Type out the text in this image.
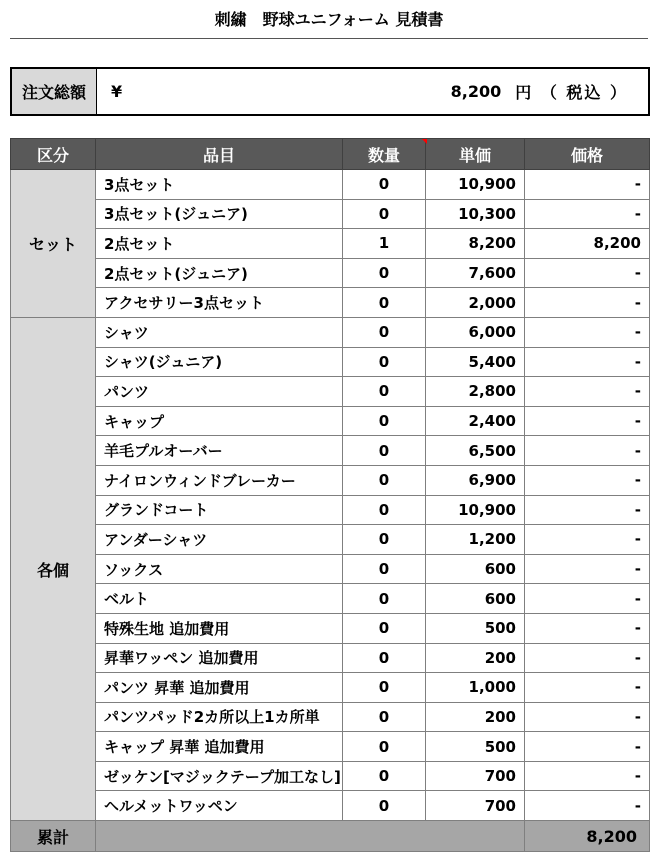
刺繍　野球ユニフォーム 見積書
注文総額	¥	8,200 円 （ 税込 ）
区分	品目	数量	単価	価格
セット	3点セット	0	10,900	-
	3点セット(ジュニア)	0	10,300	-
	2点セット	1	8,200	8,200
	2点セット(ジュニア)	0	7,600	-
	アクセサリー3点セット	0	2,000	-
各個	シャツ	0	6,000	-
	シャツ(ジュニア)	0	5,400	-
	パンツ	0	2,800	-
	キャップ	0	2,400	-
	羊毛プルオーバー	0	6,500	-
	ナイロンウィンドブレーカー	0	6,900	-
	グランドコート	0	10,900	-
	アンダーシャツ	0	1,200	-
	ソックス	0	600	-
	ベルト	0	600	-
	特殊生地 追加費用	0	500	-
	昇華ワッペン 追加費用	0	200	-
	パンツ 昇華 追加費用	0	1,000	-
	パンツパッド2カ所以上1カ所単	0	200	-
	キャップ 昇華 追加費用	0	500	-
	ゼッケン[マジックテープ加工なし]	0	700	-
	ヘルメットワッペン	0	700	-
累計				8,200
